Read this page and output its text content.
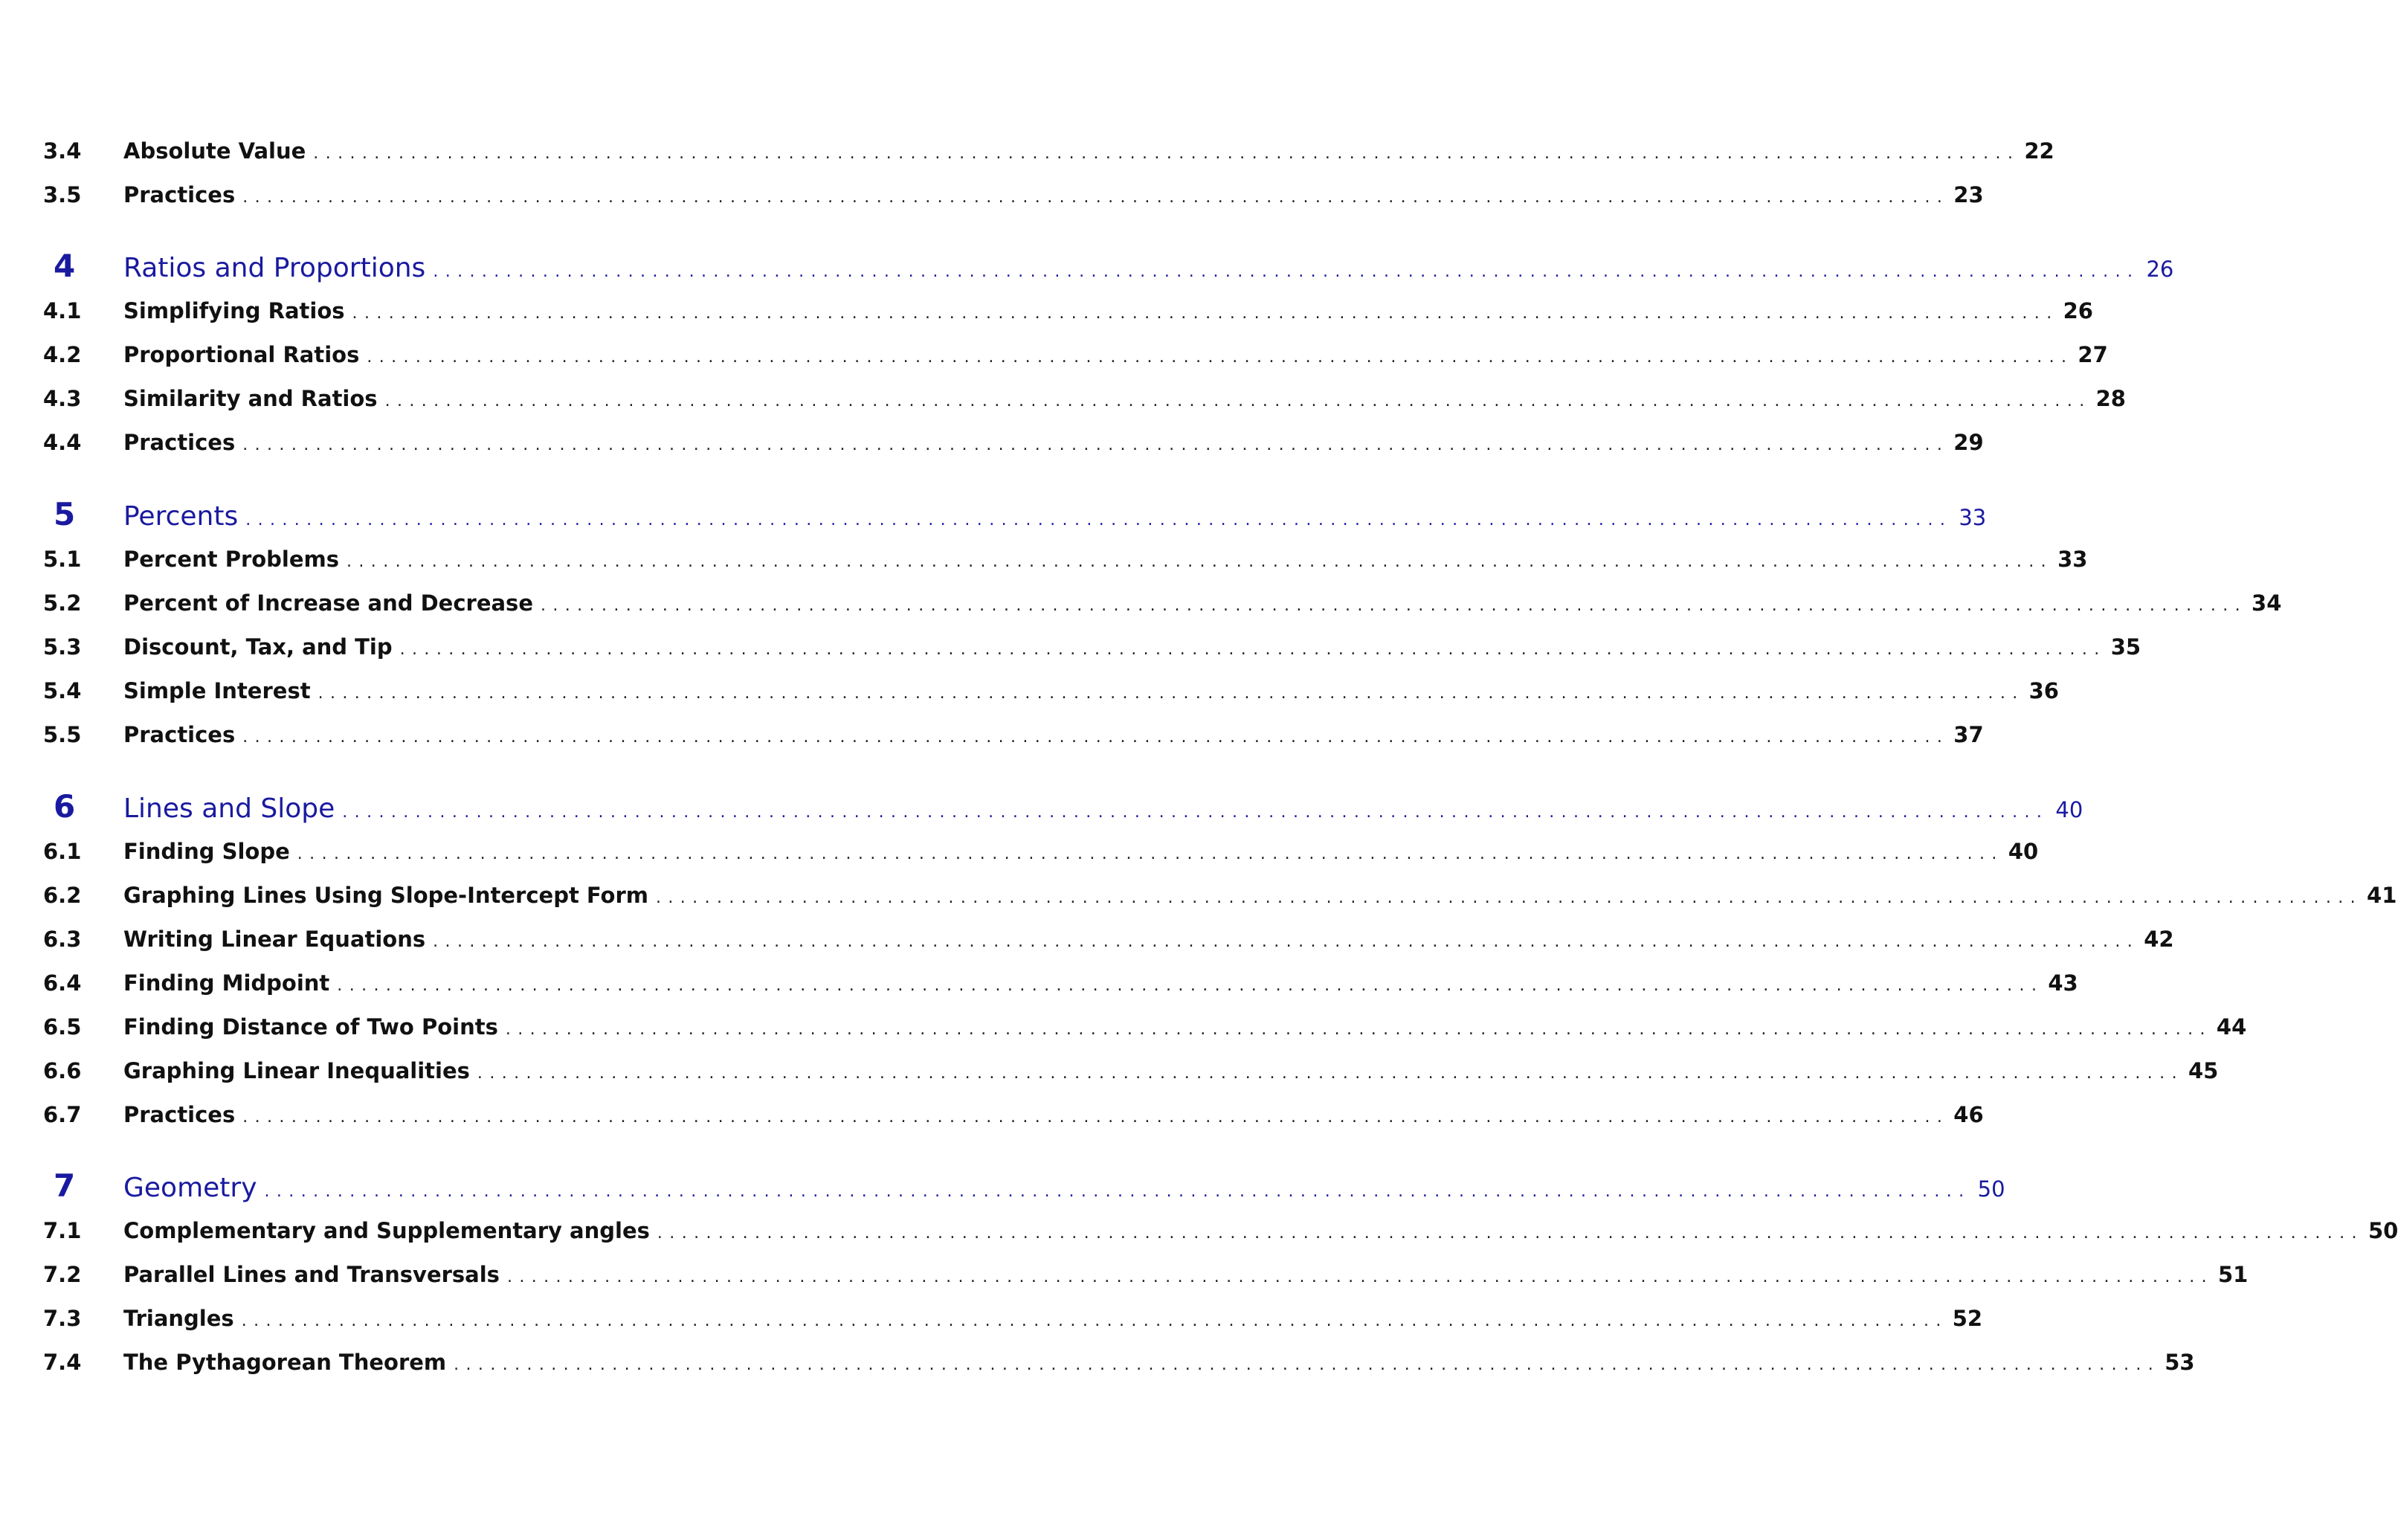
3.4	Absolute Value ............................................................................................................................................ 22
3.5	Practices ............................................................................................................................................ 23
4	Ratios and Proportions ............................................................................................................................................ 26
4.1	Simplifying Ratios ............................................................................................................................................ 26
4.2	Proportional Ratios ............................................................................................................................................ 27
4.3	Similarity and Ratios ............................................................................................................................................ 28
4.4	Practices ............................................................................................................................................ 29
5	Percents ............................................................................................................................................ 33
5.1	Percent Problems ............................................................................................................................................ 33
5.2	Percent of Increase and Decrease ............................................................................................................................................ 34
5.3	Discount, Tax, and Tip ............................................................................................................................................ 35
5.4	Simple Interest ............................................................................................................................................ 36
5.5	Practices ............................................................................................................................................ 37
6	Lines and Slope ............................................................................................................................................ 40
6.1	Finding Slope ............................................................................................................................................ 40
6.2	Graphing Lines Using Slope-Intercept Form ............................................................................................................................................ 41
6.3	Writing Linear Equations ............................................................................................................................................ 42
6.4	Finding Midpoint ............................................................................................................................................ 43
6.5	Finding Distance of Two Points ............................................................................................................................................ 44
6.6	Graphing Linear Inequalities ............................................................................................................................................ 45
6.7	Practices ............................................................................................................................................ 46
7	Geometry ............................................................................................................................................ 50
7.1	Complementary and Supplementary angles ............................................................................................................................................ 50
7.2	Parallel Lines and Transversals ............................................................................................................................................ 51
7.3	Triangles ............................................................................................................................................ 52
7.4	The Pythagorean Theorem ............................................................................................................................................ 53
